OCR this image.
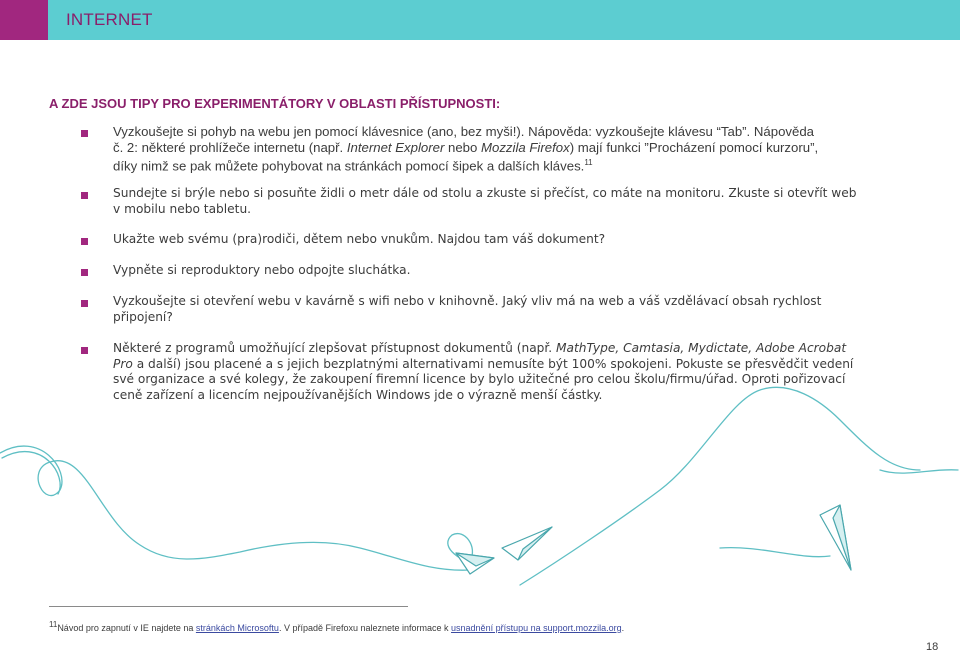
INTERNET
A ZDE JSOU TIPY PRO EXPERIMENTÁTORY V OBLASTI PŘÍSTUPNOSTI:

Vyzkoušejte si pohyb na webu jen pomocí klávesnice (ano, bez myši!). Nápověda: vyzkoušejte klávesu “Tab”. Nápověda

č. 2: některé prohlížeče internetu (např. Internet Explorer nebo Mozzila Firefox) mají funkci ”Procházení pomocí kurzoru”,

díky nimž se pak můžete pohybovat na stránkách pomocí šipek a dalších kláves.$^{11}$

Sundejte si brýle nebo si posuňte židli o metr dále od stolu a zkuste si přečíst, co máte na monitoru. Zkuste si otevřít web

v mobilu nebo tabletu.

Ukažte web svému (pra)rodiči, dětem nebo vnukům. Najdou tam váš dokument?

Vypněte si reproduktory nebo odpojte sluchátka.

Vyzkoušejte si otevření webu v kavárně s wifi nebo v knihovně. Jaký vliv má na web a váš vzdělávací obsah rychlost

připojení?

Některé z programů umožňující zlepšovat přístupnost dokumentů (např. MathType, Camtasia, Mydictate, Adobe Acrobat

Pro a další) jsou placené a s jejich bezplatnými alternativami nemusíte být 100% spokojeni. Pokuste se přesvědčit vedení

své organizace a své kolegy, že zakoupení firemní licence by bylo užitečné pro celou školu/firmu/úřad. Oproti pořizovací

ceně zařízení a licencím nejpoužívanějších Windows jde o výrazně menší částky.

11Návod pro zapnutí v IE najdete na stránkách Microsoftu. V případě Firefoxu naleznete informace k usnadnění přístupu na support.mozzila.org.
18
